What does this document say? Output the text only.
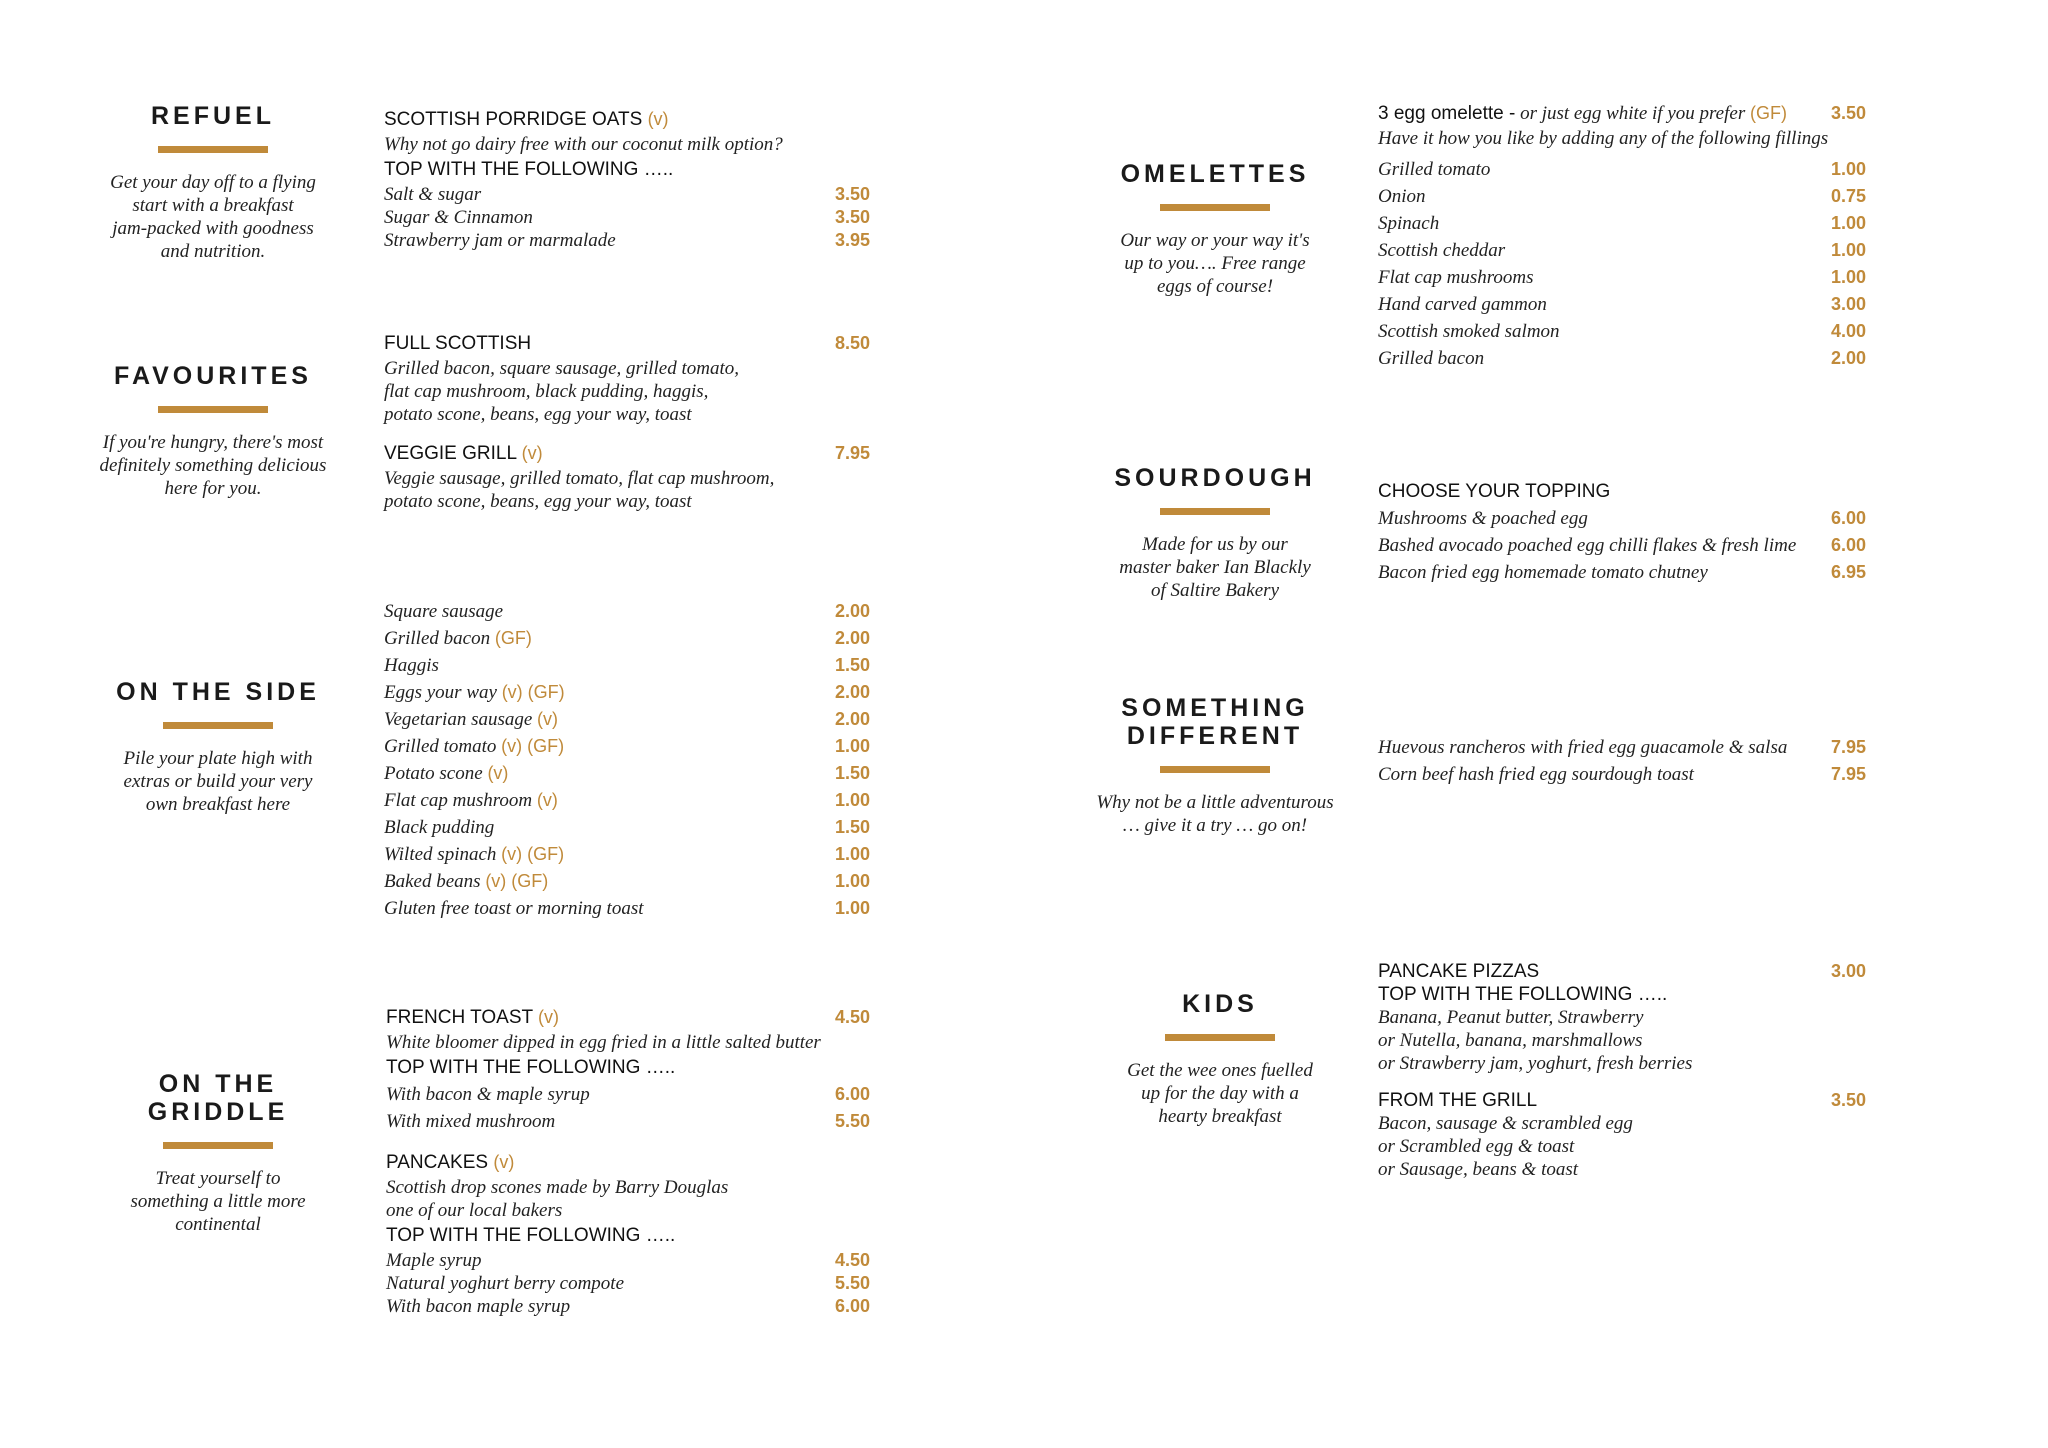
REFUEL
Get your day off to a flying
start with a breakfast
jam-packed with goodness
and nutrition.
FAVOURITES
If you're hungry, there's most
definitely something delicious
here for you.
ON THE SIDE
Pile your plate high with
extras or build your very
own breakfast here
ON THE
GRIDDLE
Treat yourself to
something a little more
continental
SCOTTISH PORRIDGE OATS (v)
Why not go dairy free with our coconut milk option?
TOP WITH THE FOLLOWING …..
Salt & sugar	3.50
Sugar & Cinnamon	3.50
Strawberry jam or marmalade	3.95
FULL SCOTTISH	8.50
Grilled bacon, square sausage, grilled tomato,
flat cap mushroom, black pudding, haggis,
potato scone, beans, egg your way, toast
VEGGIE GRILL (v)	7.95
Veggie sausage, grilled tomato, flat cap mushroom,
potato scone, beans, egg your way, toast
Square sausage	2.00
Grilled bacon (GF)	2.00
Haggis	1.50
Eggs your way (v) (GF)	2.00
Vegetarian sausage (v)	2.00
Grilled tomato (v) (GF)	1.00
Potato scone (v)	1.50
Flat cap mushroom (v)	1.00
Black pudding	1.50
Wilted spinach (v) (GF)	1.00
Baked beans (v) (GF)	1.00
Gluten free toast or morning toast	1.00
FRENCH TOAST (v)	4.50
White bloomer dipped in egg fried in a little salted butter
TOP WITH THE FOLLOWING …..
With bacon & maple syrup	6.00
With mixed mushroom	5.50
PANCAKES (v)
Scottish drop scones made by Barry Douglas
one of our local bakers
TOP WITH THE FOLLOWING …..
Maple syrup	4.50
Natural yoghurt berry compote	5.50
With bacon maple syrup	6.00
OMELETTES
Our way or your way it's
up to you…. Free range
eggs of course!
SOURDOUGH
Made for us by our
master baker Ian Blackly
of Saltire Bakery
SOMETHING
DIFFERENT
Why not be a little adventurous
… give it a try … go on!
KIDS
Get the wee ones fuelled
up for the day with a
hearty breakfast
3 egg omelette - or just egg white if you prefer (GF) 3.50
Have it how you like by adding any of the following fillings
Grilled tomato	1.00
Onion	0.75
Spinach	1.00
Scottish cheddar	1.00
Flat cap mushrooms	1.00
Hand carved gammon	3.00
Scottish smoked salmon	4.00
Grilled bacon	2.00
CHOOSE YOUR TOPPING
Mushrooms & poached egg	6.00
Bashed avocado poached egg chilli flakes & fresh lime 6.00
Bacon fried egg homemade tomato chutney	6.95
Huevous rancheros with fried egg guacamole & salsa 7.95
Corn beef hash fried egg sourdough toast	7.95
PANCAKE PIZZAS	3.00
TOP WITH THE FOLLOWING …..
Banana, Peanut butter, Strawberry
or Nutella, banana, marshmallows
or Strawberry jam, yoghurt, fresh berries
FROM THE GRILL	3.50
Bacon, sausage & scrambled egg
or Scrambled egg & toast
or Sausage, beans & toast
